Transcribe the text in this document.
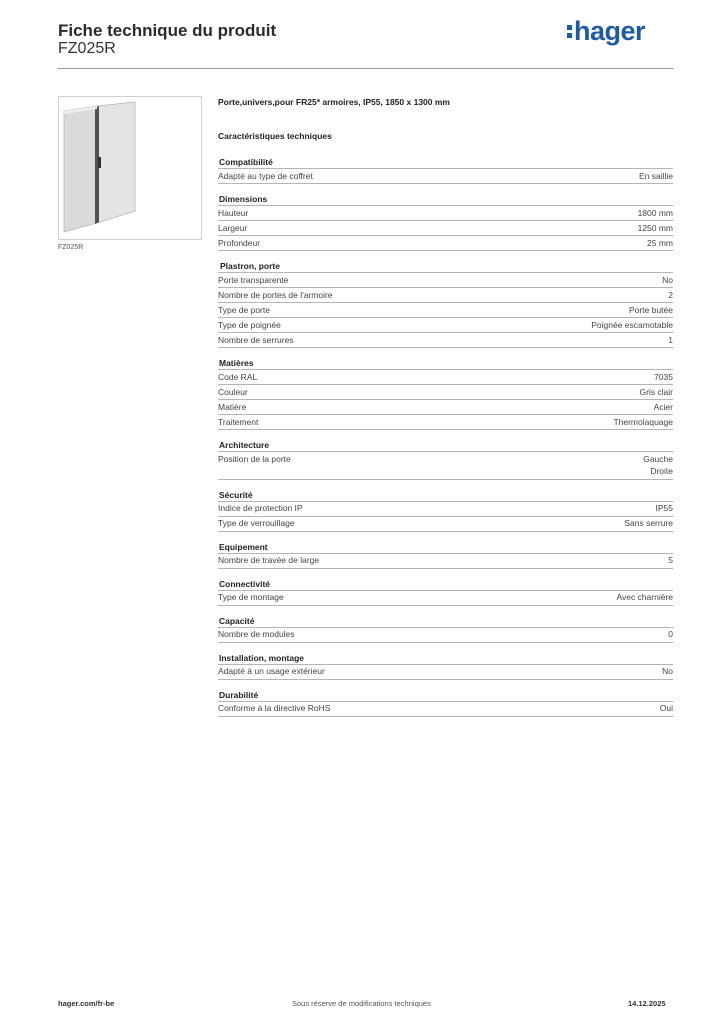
Fiche technique du produit
FZ025R
hager
FZ025R
Porte,univers,pour FR25* armoires, IP55, 1850 x 1300 mm
Caractéristiques techniques
Compatibilité
Adapté au type de coffret	En saillie
Dimensions
Hauteur	1800 mm
Largeur	1250 mm
Profondeur	25 mm
Plastron, porte
Porte transparente	No
Nombre de portes de l'armoire	2
Type de porte	Porte butée
Type de poignée	Poignée escamotable
Nombre de serrures	1
Matières
Code RAL	7035
Couleur	Gris clair
Matière	Acier
Traitement	Thermolaquage
Architecture
Position de la porte	Gauche
Droite
Sécurité
Indice de protection IP	IP55
Type de verrouillage	Sans serrure
Equipement
Nombre de travée de large	5
Connectivité
Type de montage	Avec charnière
Capacité
Nombre de modules	0
Installation, montage
Adapté à un usage extérieur	No
Durabilité
Conforme à la directive RoHS	Oui
hager.com/fr-be	Sous réserve de modifications techniques	14.12.2025
